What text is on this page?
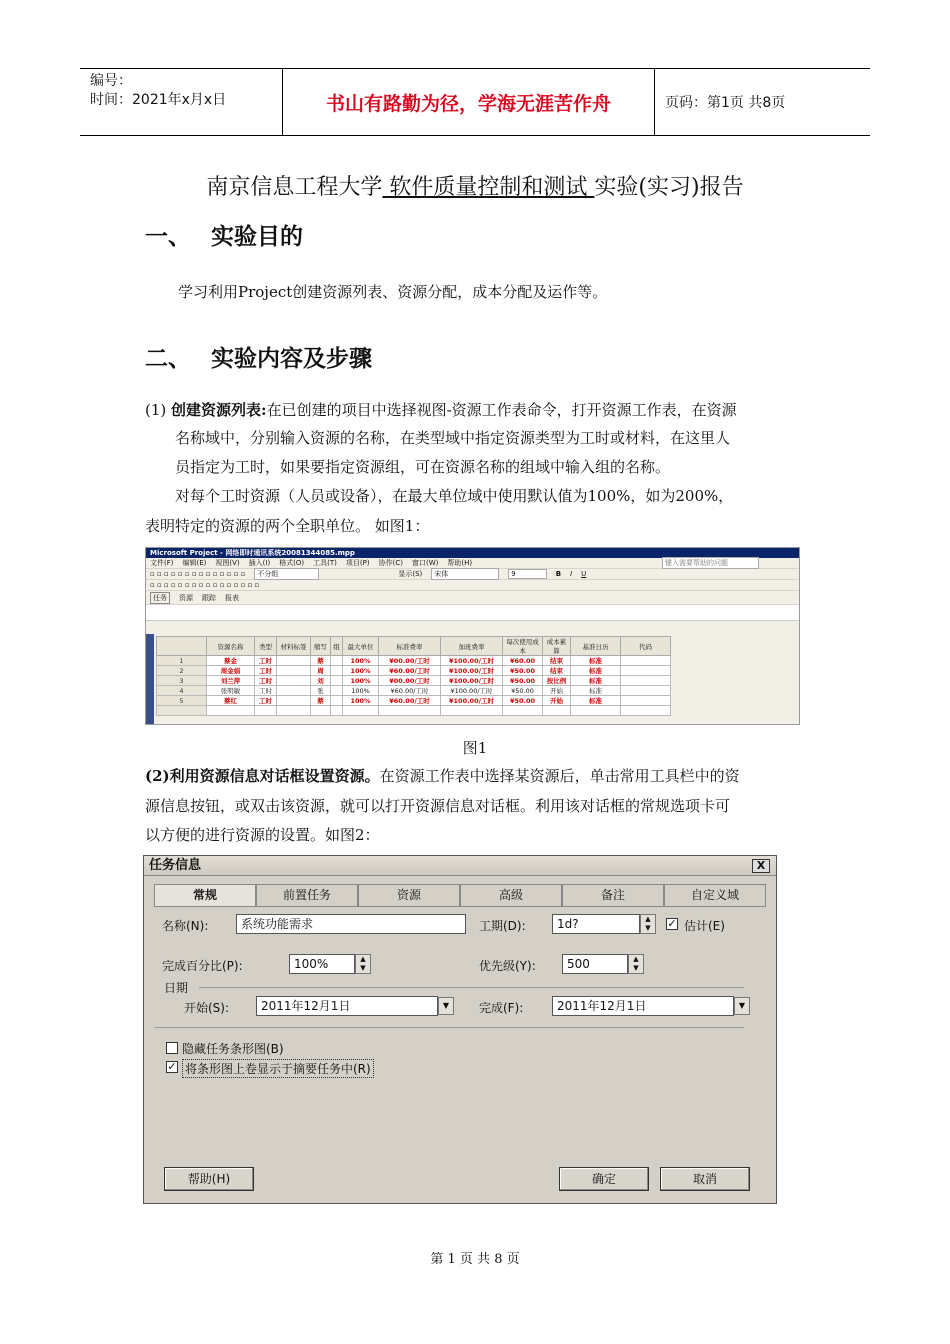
编号：
时间：2021年x月x日	书山有路勤为径，学海无涯苦作舟	页码：第1页 共8页
南京信息工程大学 软件质量控制和测试 实验(实习)报告
一、 实验目的
学习利用Project创建资源列表、资源分配，成本分配及运作等。
二、 实验内容及步骤
(1) 创建资源列表:在已创建的项目中选择视图-资源工作表命令，打开资源工作表，在资源
名称域中，分别输入资源的名称，在类型域中指定资源类型为工时或材料，在这里人
员指定为工时，如果要指定资源组，可在资源名称的组域中输入组的名称。
对每个工时资源（人员或设备），在最大单位域中使用默认值为100%，如为200%，
表明特定的资源的两个全职单位。 如图1：
Microsoft Project - 网络即时通讯系统20081344085.mpp
文件(F) 编辑(E) 视图(V) 插入(I) 格式(O) 工具(T) 项目(P) 协作(C) 窗口(W) 帮助(H)	键入需要帮助的问题
▫ ▫ ▫ ▫ ▫ ▫ ▫ ▫ ▫ ▫ ▫ ▫ ▫ ▫	不分组	显示(S)	宋体	9	B I U
▫ ▫ ▫ ▫ ▫ ▫ ▫ ▫ ▫ ▫ ▫ ▫ ▫ ▫ ▫ ▫
任务	资源 跟踪 报表
	资源名称	类型	材料标签	缩写	组	最大单位	标准费率	加班费率	每次使用成本	成本累算	基准日历	代码
1	蔡金	工时		蔡		100%	¥00.00/工时	¥100.00/工时	¥60.00	结束	标准	
2	周金娟	工时		周		100%	¥60.00/工时	¥100.00/工时	¥50.00	结束	标准	
3	刘兰萍	工时		刘		100%	¥00.00/工时	¥100.00/工时	¥50.00	按比例	标准	
4	张明敏	工时		张		100%	¥60.00/工时	¥100.00/工时	¥50.00	开始	标准	
5	蔡红	工时		蔡		100%	¥60.00/工时	¥100.00/工时	¥50.00	开始	标准	

图1
(2)利用资源信息对话框设置资源。在资源工作表中选择某资源后，单击常用工具栏中的资
源信息按钮，或双击该资源，就可以打开资源信息对话框。利用该对话框的常规选项卡可
以方便的进行资源的设置。如图2：
任务信息	X
常规	前置任务	资源	高级	备注	自定义域
名称(N):	系统功能需求	工期(D):	1d?	▲
▼	✓ 估计(E)
完成百分比(P):	100%	▲
▼	优先级(Y):	500	▲
▼
日期
开始(S):	2011年12月1日	▼	完成(F):	2011年12月1日	▼
隐藏任务条形图(B)
✓ 将条形图上卷显示于摘要任务中(R)
帮助(H)	确定	取消
第 1 页 共 8 页
